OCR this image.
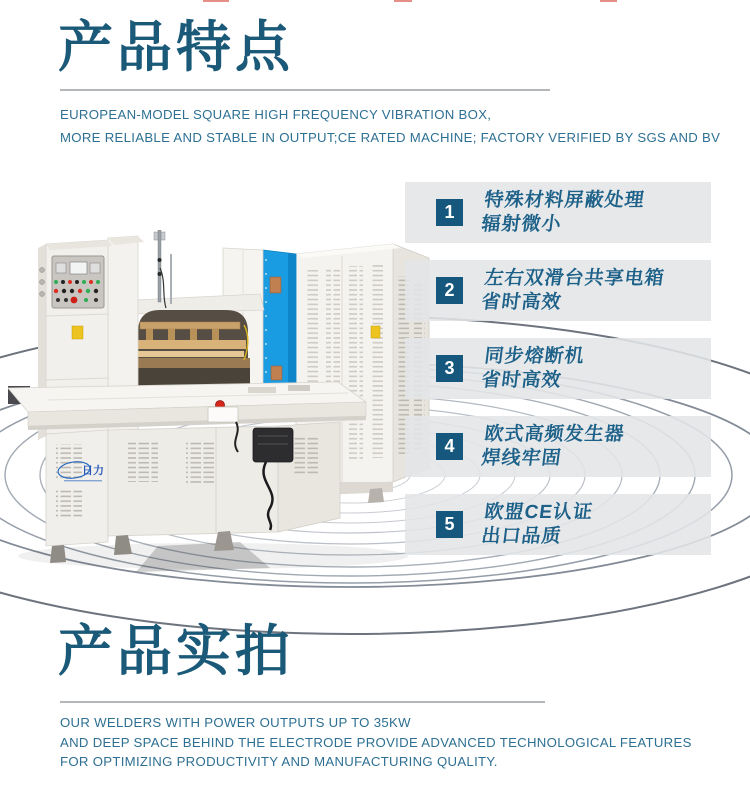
产品特点
EUROPEAN-MODEL SQUARE HIGH FREQUENCY VIBRATION BOX,
MORE RELIABLE AND STABLE IN OUTPUT;CE RATED MACHINE; FACTORY VERIFIED BY SGS AND BV
日力
1
特殊材料屏蔽处理
辐射微小
2
左右双滑台共享电箱
省时高效
3
同步熔断机
省时高效
4
欧式高频发生器
焊线牢固
5
欧盟CE认证
出口品质
产品实拍
OUR WELDERS WITH POWER OUTPUTS UP TO 35KW
AND DEEP SPACE BEHIND THE ELECTRODE PROVIDE ADVANCED TECHNOLOGICAL FEATURES
FOR OPTIMIZING PRODUCTIVITY AND MANUFACTURING QUALITY.
